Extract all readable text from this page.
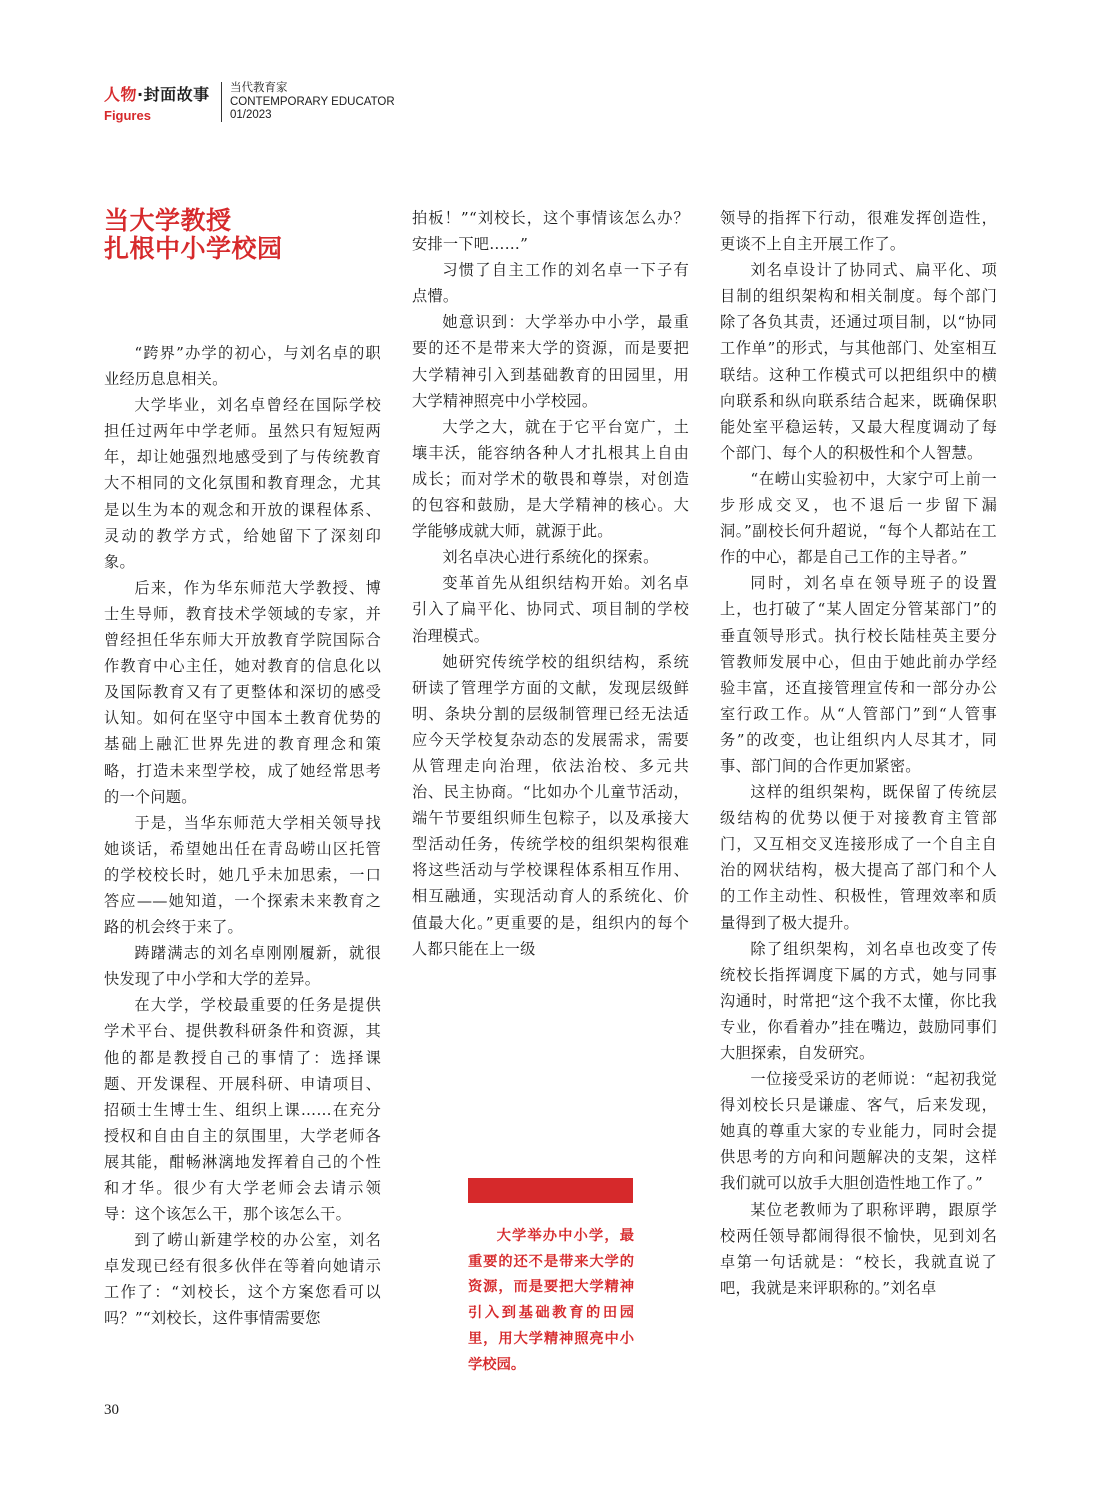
人物·封面故事
Figures
当代教育家
CONTEMPORARY EDUCATOR
01/2023
当大学教授
扎根中小学校园

“跨界”办学的初心，与刘名卓的职业经历息息相关。

大学毕业，刘名卓曾经在国际学校担任过两年中学老师。虽然只有短短两年，却让她强烈地感受到了与传统教育大不相同的文化氛围和教育理念，尤其是以生为本的观念和开放的课程体系、灵动的教学方式，给她留下了深刻印象。

后来，作为华东师范大学教授、博士生导师，教育技术学领域的专家，并曾经担任华东师大开放教育学院国际合作教育中心主任，她对教育的信息化以及国际教育又有了更整体和深切的感受认知。如何在坚守中国本土教育优势的基础上融汇世界先进的教育理念和策略，打造未来型学校，成了她经常思考的一个问题。

于是，当华东师范大学相关领导找她谈话，希望她出任在青岛崂山区托管的学校校长时，她几乎未加思索，一口答应——她知道，一个探索未来教育之路的机会终于来了。

踌躇满志的刘名卓刚刚履新，就很快发现了中小学和大学的差异。

在大学，学校最重要的任务是提供学术平台、提供教科研条件和资源，其他的都是教授自己的事情了：选择课题、开发课程、开展科研、申请项目、招硕士生博士生、组织上课……在充分授权和自由自主的氛围里，大学老师各展其能，酣畅淋漓地发挥着自己的个性和才华。很少有大学老师会去请示领导：这个该怎么干，那个该怎么干。

到了崂山新建学校的办公室，刘名卓发现已经有很多伙伴在等着向她请示工作了：“刘校长，这个方案您看可以吗？”“刘校长，这件事情需要您

拍板！”“刘校长，这个事情该怎么办？安排一下吧……”

习惯了自主工作的刘名卓一下子有点懵。

她意识到：大学举办中小学，最重要的还不是带来大学的资源，而是要把大学精神引入到基础教育的田园里，用大学精神照亮中小学校园。

大学之大，就在于它平台宽广，土壤丰沃，能容纳各种人才扎根其上自由成长；而对学术的敬畏和尊崇，对创造的包容和鼓励，是大学精神的核心。大学能够成就大师，就源于此。

刘名卓决心进行系统化的探索。

变革首先从组织结构开始。刘名卓引入了扁平化、协同式、项目制的学校治理模式。

她研究传统学校的组织结构，系统研读了管理学方面的文献，发现层级鲜明、条块分割的层级制管理已经无法适应今天学校复杂动态的发展需求，需要从管理走向治理，依法治校、多元共治、民主协商。“比如办个儿童节活动，端午节要组织师生包粽子，以及承接大型活动任务，传统学校的组织架构很难将这些活动与学校课程体系相互作用、相互融通，实现活动育人的系统化、价值最大化。”更重要的是，组织内的每个人都只能在上一级

领导的指挥下行动，很难发挥创造性，更谈不上自主开展工作了。

刘名卓设计了协同式、扁平化、项目制的组织架构和相关制度。每个部门除了各负其责，还通过项目制，以“协同工作单”的形式，与其他部门、处室相互联结。这种工作模式可以把组织中的横向联系和纵向联系结合起来，既确保职能处室平稳运转，又最大程度调动了每个部门、每个人的积极性和个人智慧。

“在崂山实验初中，大家宁可上前一步形成交叉，也不退后一步留下漏洞。”副校长何升超说，“每个人都站在工作的中心，都是自己工作的主导者。”

同时，刘名卓在领导班子的设置上，也打破了“某人固定分管某部门”的垂直领导形式。执行校长陆桂英主要分管教师发展中心，但由于她此前办学经验丰富，还直接管理宣传和一部分办公室行政工作。从“人管部门”到“人管事务”的改变，也让组织内人尽其才，同事、部门间的合作更加紧密。

这样的组织架构，既保留了传统层级结构的优势以便于对接教育主管部门，又互相交叉连接形成了一个自主自治的网状结构，极大提高了部门和个人的工作主动性、积极性，管理效率和质量得到了极大提升。

除了组织架构，刘名卓也改变了传统校长指挥调度下属的方式，她与同事沟通时，时常把“这个我不太懂，你比我专业，你看着办”挂在嘴边，鼓励同事们大胆探索，自发研究。

一位接受采访的老师说：“起初我觉得刘校长只是谦虚、客气，后来发现，她真的尊重大家的专业能力，同时会提供思考的方向和问题解决的支架，这样我们就可以放手大胆创造性地工作了。”

某位老教师为了职称评聘，跟原学校两任领导都闹得很不愉快，见到刘名卓第一句话就是：“校长，我就直说了吧，我就是来评职称的。”刘名卓

大学举办中小学，最重要的还不是带来大学的资源，而是要把大学精神引入到基础教育的田园里，用大学精神照亮中小学校园。
30
